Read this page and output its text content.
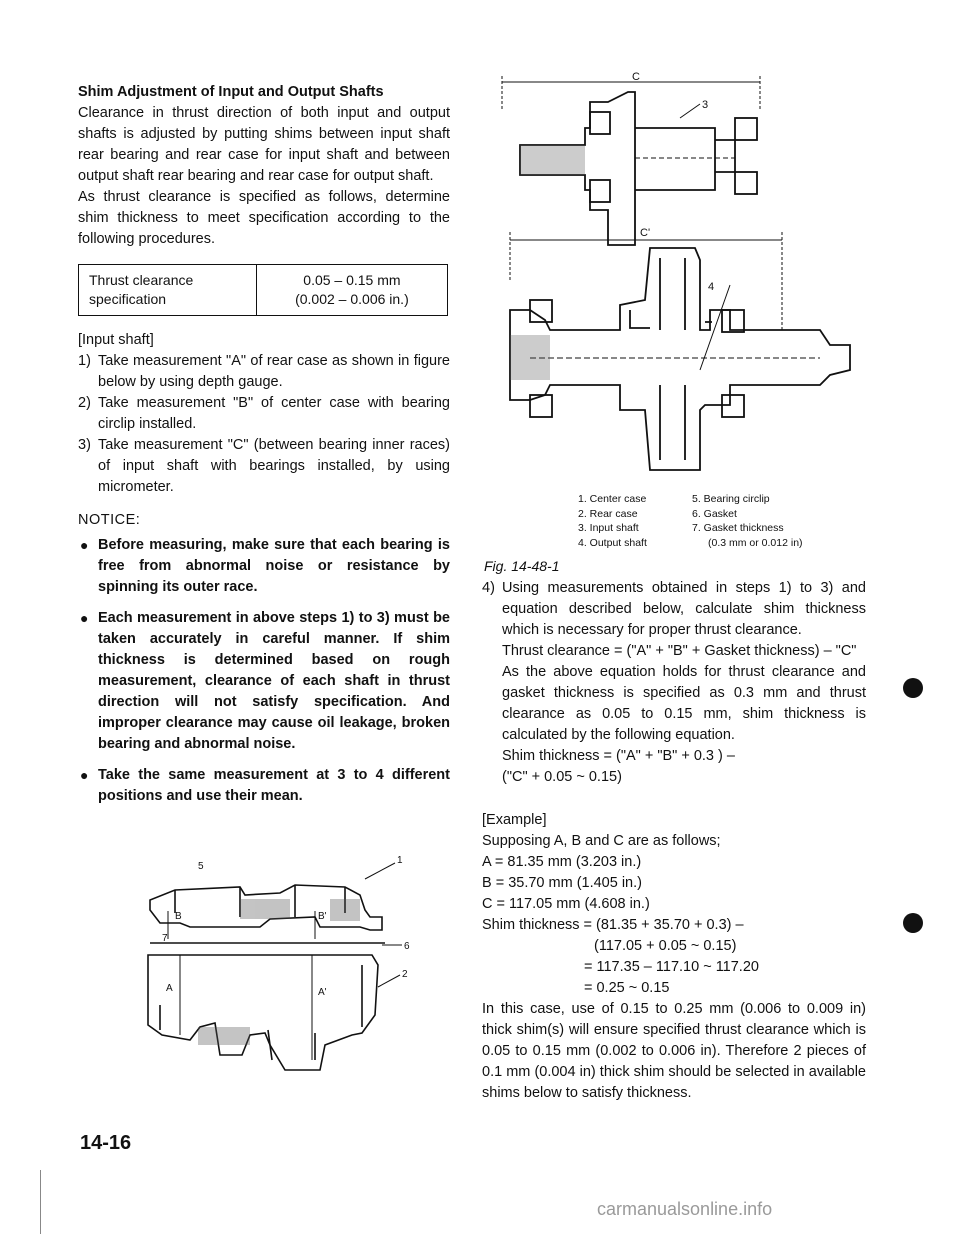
Shim Adjustment of Input and Output Shafts

Clearance in thrust direction of both input and output shafts is adjusted by putting shims between input shaft rear bearing and rear case for input shaft and between output shaft rear bearing and rear case for output shaft.

As thrust clearance is specified as follows, determine shim thickness to meet specification according to the following procedures.

Thrust clearance
specification

0.05 – 0.15 mm
(0.002 – 0.006 in.)
[Input shaft]
1) Take measurement "A" of rear case as shown in figure below by using depth gauge.
2) Take measurement "B" of center case with bearing circlip installed.
3) Take measurement "C" (between bearing inner races) of input shaft with bearings installed, by using micrometer.
NOTICE:
● Before measuring, make sure that each bearing is free from abnormal noise or resistance by spinning its outer race.
● Each measurement in above steps 1) to 3) must be taken accurately in careful manner. If shim thickness is determined based on rough measurement, clearance of each shaft in thrust direction will not satisfy specification. And improper clearance may cause oil leakage, broken bearing and abnormal noise.
● Take the same measurement at 3 to 4 different positions and use their mean.
5
1
B	B'
7
6
A	A'
2
C
3
C'
4
1. Center case
2. Rear case
3. Input shaft
4. Output shaft
5. Bearing circlip
6. Gasket
7. Gasket thickness
(0.3 mm or 0.012 in)
Fig. 14-48-1
4) Using measurements obtained in steps 1) to 3) and equation described below, calculate shim thickness which is necessary for proper thrust clearance.

Thrust clearance = ("A" + "B" + Gasket thickness) – "C"

As the above equation holds for thrust clearance and gasket thickness is specified as 0.3 mm and thrust clearance as 0.05 to 0.15 mm, shim thickness is calculated by the following equation.

Shim thickness = ("A" + "B" + 0.3 ) –
("C" + 0.05 ~ 0.15)
[Example]
Supposing A, B and C are as follows;
A = 81.35 mm (3.203 in.)
B = 35.70 mm (1.405 in.)
C = 117.05 mm (4.608 in.)
Shim thickness = (81.35 + 35.70 + 0.3) –
(117.05 + 0.05 ~ 0.15)
= 117.35 – 117.10 ~ 117.20
= 0.25 ~ 0.15

In this case, use of 0.15 to 0.25 mm (0.006 to 0.009 in) thick shim(s) will ensure specified thrust clearance which is 0.05 to 0.15 mm (0.002 to 0.006 in). Therefore 2 pieces of 0.1 mm (0.004 in) thick shim should be selected in available shims below to satisfy thickness.

14-16
carmanualsonline.info
